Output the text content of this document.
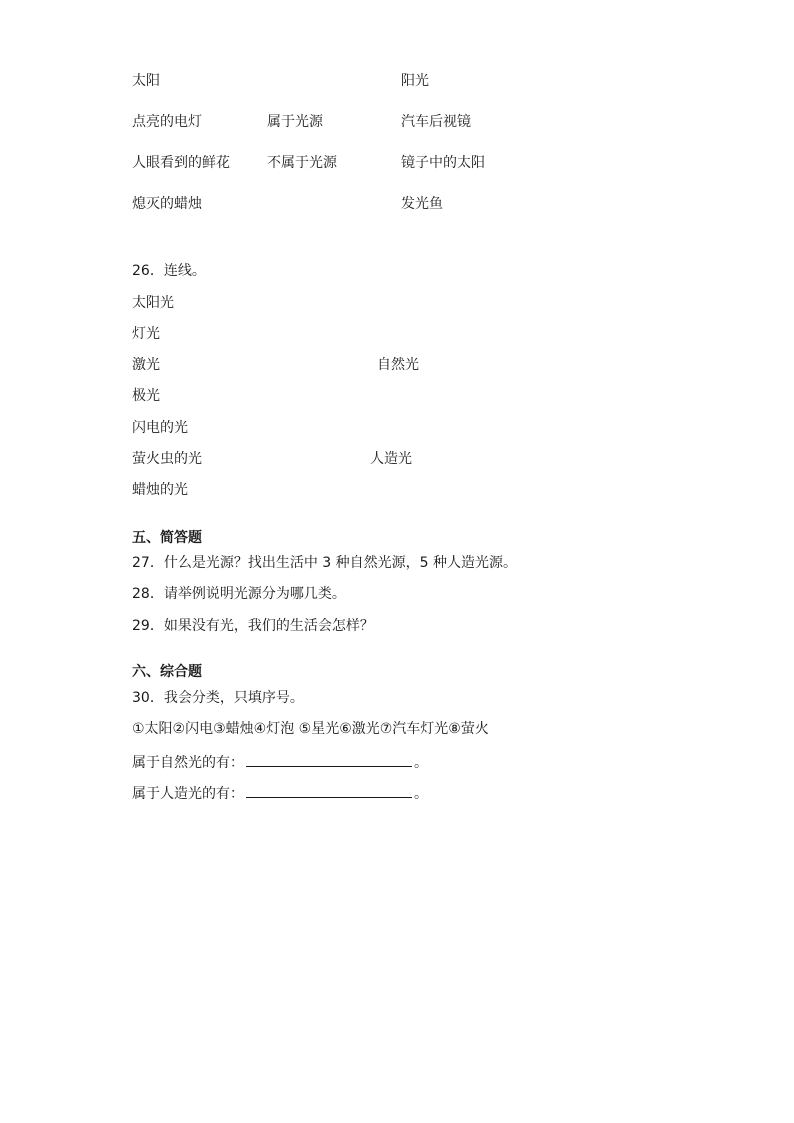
太阳
点亮的电灯
人眼看到的鲜花
熄灭的蜡烛
属于光源
不属于光源
阳光
汽车后视镜
镜子中的太阳
发光鱼
26．连线。
太阳光
灯光
激光
极光
闪电的光
萤火虫的光
蜡烛的光
自然光
人造光
五、简答题
27．什么是光源？找出生活中 3 种自然光源，5 种人造光源。
28．请举例说明光源分为哪几类。
29．如果没有光，我们的生活会怎样？
六、综合题
30．我会分类，只填序号。
①太阳②闪电③蜡烛④灯泡 ⑤星光⑥激光⑦汽车灯光⑧萤火
属于自然光的有：	。
属于人造光的有：	。
